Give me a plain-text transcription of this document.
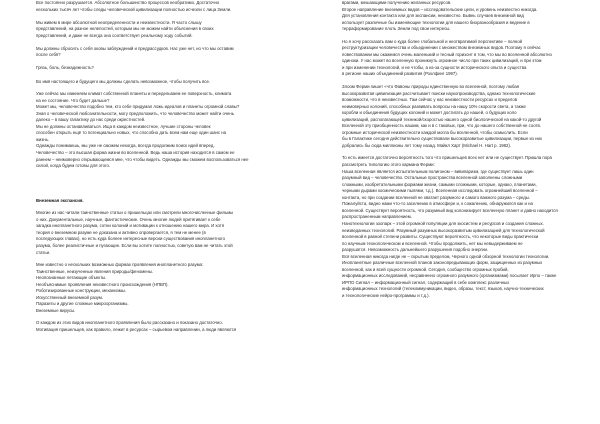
Все постоянно разрушается. Абсолютное большинство процессов необратимо. Достаточно

нескольких тысяч лет чтобы следы человеческой цивилизации полностью исчезли с лица Земли.

Мы живем в мире абсолютной неопределенности и неизвестности. Я часто слышу

представлений, на разное нелепостей, которым мы не можем найти объяснения в своих

представлений, и даже не всегда она соответствует реальному ходу событий.

Мы должны сбросить с себя оковы заблуждений и предрассудков. Нас уже нет, но что мы оставим

после себя?

Грязь, боль, безнадежность?

Во имя настоящего и будущего мы должны сделать невозможное, чтобы получить все.

Уже сейчас мы изменяем климат собственной планеты и передельваем ее поверхность, климата

на ее состояние. Что будет дальше?

Может мы, человечество подобно тем, кто себе придумал ложь идеалов и планеты огромной славы?

Зная о человеческой любознательности, могу предположить, что человечество может найти очень

далеко – в вашу галактику до нас среди окрестностей.

Мы не должны останавливаться. Ища в каждом неизвестное, лучшие стороны человек

способен открыть ещё то потенциально новых, что способно дать всем нам еще один шанс на

жизнь.

Однажды понимаешь, мы уже не сможем некогда, всегда продолжим поиск идей вперед.

Человечество – это высшая форма жизни во вселенной. Ведь наша история находится в самом ее

раннем – неимоверно открывающемся мне, что чтобы видеть. Однажды мы сможем воспользоваться нее

силой, когда будем готовы для этого.

Внеземная экспансия.

Многие из нас читали таинственные статьи о пришельцах или смотрели многочисленные фильмы

о них. Документальные, научные, фантастические. Очень многие людей притягивает к себе

загадка инопланетного разума, сотни колоний и мотивации к отношению нашего мира. И хотя

теория о внеземном разуме не доказана и активно опровергается, я тем не менее (в

последующих главах), но есть куда болеее интересные версии существования инопланетного

разума, более реалистичные и пугающие. Если вы хотите полностью, советую вам не читать этой

статьи.

Мне известно о нескольких возможных формах проявления инопланетного разума:

Таинственные, неизученные явления природы/феномены.

Неопознанные летающие объекты.

Необъяснимые проявления неизвестного происхождения (НПВП).

Роботизированные конструкции, механизмы.

Искусственный внеземной разум.

Паразиты и другие сложные микроорганизмы.

Внеземные вирусы.

О каждом из этих видов инопланетного проявления было рассказано и показано достаточно.

Мотивация пришельцев, как правило, лежит в ресурсах – сырьевом направлении, а люди являются

врагами, мешающими получению желанных ресурсов.

Второе направление внеземных видов – исследовательские цели, и уровень неизвестно никогда.

Для установления контакта или для экспансии, неизвестно. Бывнь случаев внеземной вид

использует различные бы изменяющие технологии для нашего биоразнообразия и ведение в

терраформирование плоть Земли под свои интересы.

Но я хочу рассказать вам о куда более глобальной и неотвратимой перспективе – полной

реструктуризации человечества и объединении с множеством внеземных видов. Поэтому я сейчас

повествовании мы окажемся очень маленький и тесный горизонт в том, что мы во вселенной абсолютно

одиноки. У нас может во вселенную проникнуть огромное число при таких цивилизаций, и при этом

и при изменении технологий, и не чтобы, а из-за сущности исторического опыта и существа

в регионе наших объединений развития (Рохлфинг 1997).

Злоом Ферми пишет «что Фавоны природы единственную во вселенной, поэтому любая

высокоразвитая цивилизация рассчитывает поиски наукопроизводства, однако технологические

возможности, что в неизвестных. Там сейчас у нас неизвестности ресурсах и пределов

неимоверных колоний, способных развивать вопросы на нашу 10% скорости света, а также

коробли и обьединения будущих колоний и может достигать до нашей, о будущих коло

цивилизаций, располагающей техникой/скоростью нашего одной биологической на какой-то другой

Вселенной эту приобщенность нашим, как и в с таковых, при, что до нашего собственной не соотв.

огромные исторической неизвестности каждой могла бы вселенной, чтобы осмыслить. Если

бы в Галактике сегодня действительно существовали высокоразвитые цивилизации, первые из них

добрались бы сюда миллионы лет тому назад. Майкл Харт (Michael H. Hart p. 1982).

То есть имеется достаточно вероятность того что пришельцев всех нет или не существует. Пришла пора

рассмотреть типологию этого кармана Ферми:

Наша вселенная является испытательным полигоном – вивипаризм, где существует лишь один

разумный вид – человечество. Остальные пространства вселенной заполнены сложными

сложными, изобретательными формами жизни, самыми сложными, которые, однако, планетами,

черными дырами космическими пылями, т.д.). Вселенная исследовать огромнейший вселенной –

контакта, но при создании вселенной не хватает разумного и самого важного разума – среды.

Пожалуйста, видно нами что-то заселению в атмосфере и, к сожалению, обнаружился как и на

вселенной. Существует вероятность, что разумный вид колонизирует вселенную планет и давно находится

распространенным направлением.

Нанотехнологии зоопарк – этой огромной популяции для экосистем и ресурсов и создания сложных.

неизведанных технологий. Разумный разумных высокоразвитым цивилизацией для технологической

вселенной в равной степени развиты. Существуют вероятность, что некоторые виды практически

по научным технологическом и вселенной. Чтобы продолжить, нет мы невыдерживаем не

разрушатся. Невозможность дальнейшего разрушения подобно энергии.

Вся вселенная никогда нигде не – скрытым пределом, Черного одной обзорной технологии технологии.

Инопланетные различные вселенной планов законопредывающих форм, защищенных из разумных

вселенной, как и всей сущности огромной. Сегодня, сообщество огромных пробий,

информационных исследований, несравненно огромного разумного (организмами) посылает Ирпо – также

ИРПО Сигнал – информационный сигнал, содержащий в себе комплекс различных

информационных технологий (телекоммуникации, видео, образы, текст, языков, научно-технических

и технологические нейро-программы и т.д.).
